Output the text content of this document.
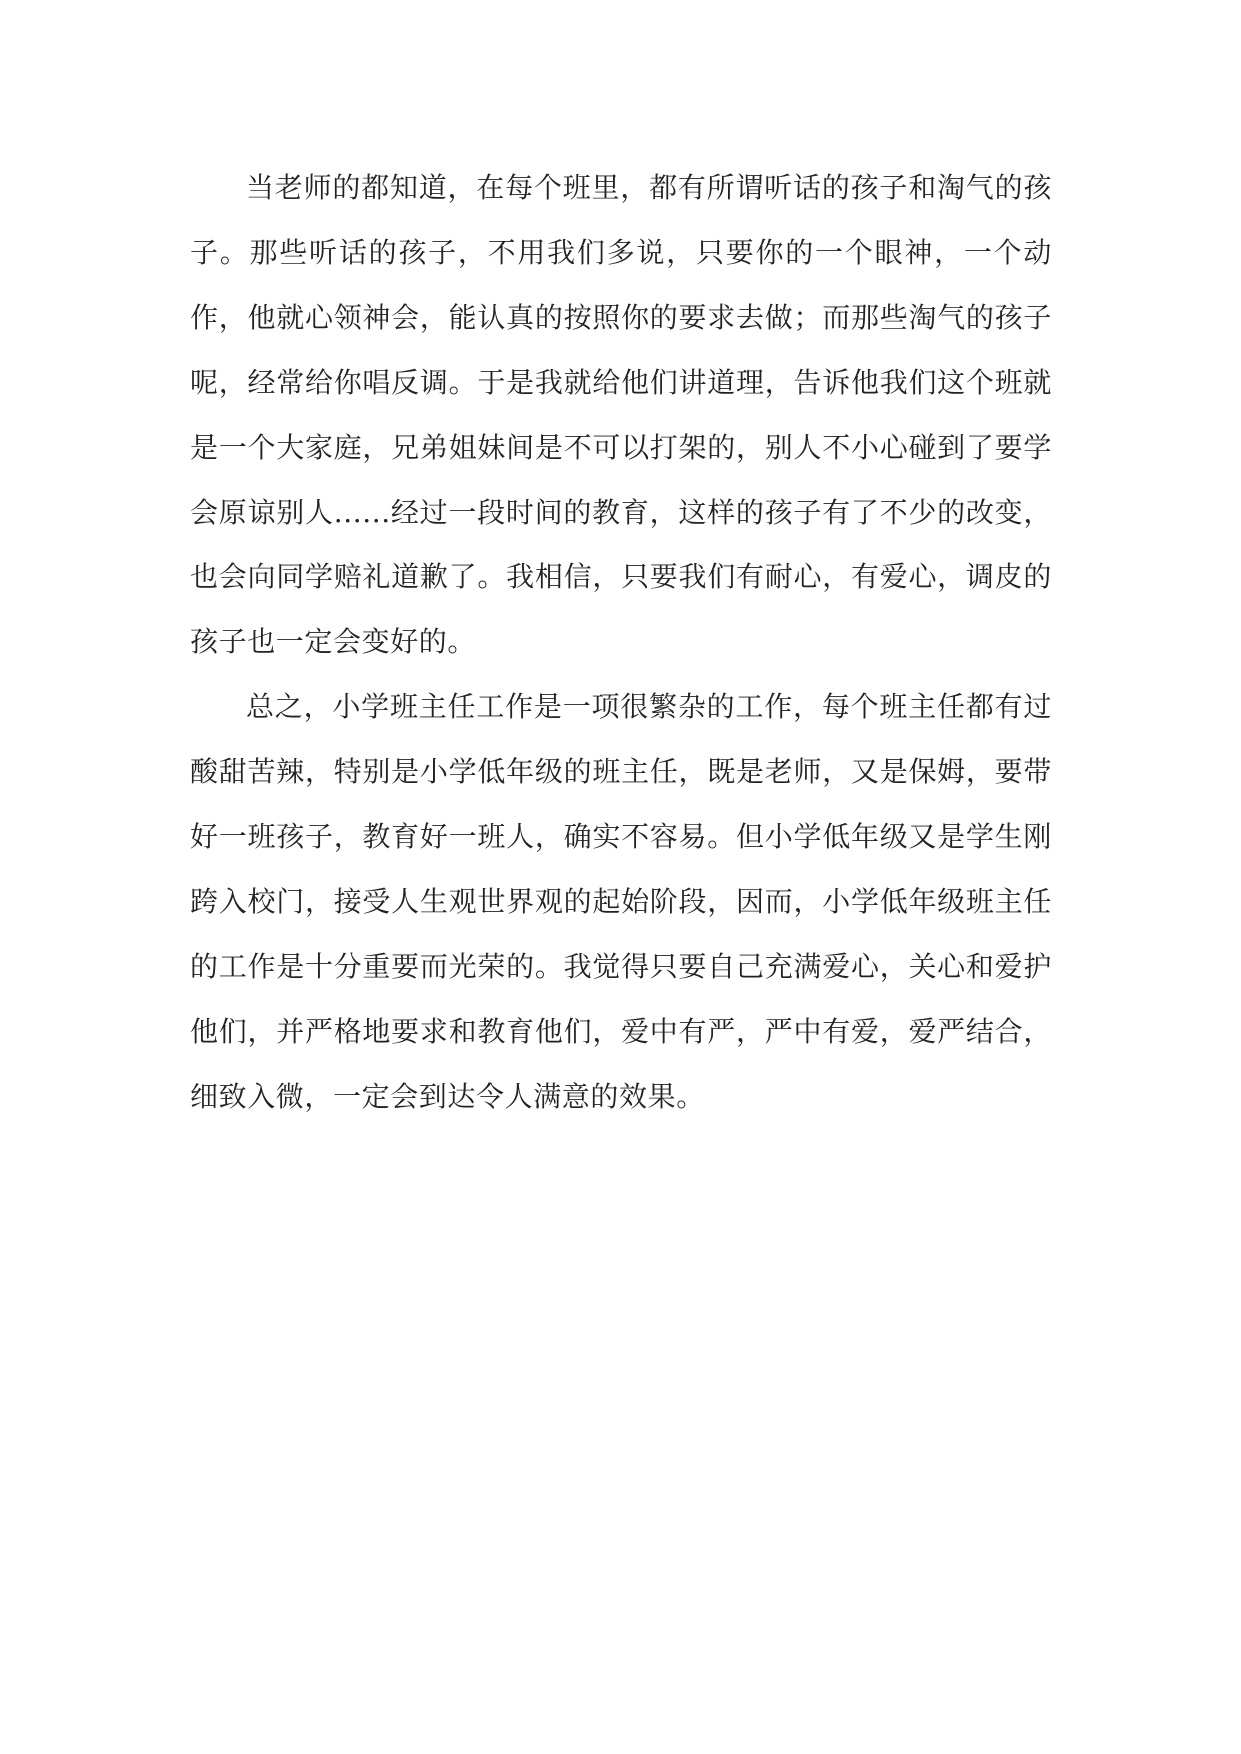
当老师的都知道，在每个班里，都有所谓听话的孩子和淘气的孩子。那些听话的孩子，不用我们多说，只要你的一个眼神，一个动作，他就心领神会，能认真的按照你的要求去做；而那些淘气的孩子呢，经常给你唱反调。于是我就给他们讲道理，告诉他我们这个班就是一个大家庭，兄弟姐妹间是不可以打架的，别人不小心碰到了要学会原谅别人......经过一段时间的教育，这样的孩子有了不少的改变，也会向同学赔礼道歉了。我相信，只要我们有耐心，有爱心，调皮的孩子也一定会变好的。

总之，小学班主任工作是一项很繁杂的工作，每个班主任都有过酸甜苦辣，特别是小学低年级的班主任，既是老师，又是保姆，要带好一班孩子，教育好一班人，确实不容易。但小学低年级又是学生刚跨入校门，接受人生观世界观的起始阶段，因而，小学低年级班主任的工作是十分重要而光荣的。我觉得只要自己充满爱心，关心和爱护他们，并严格地要求和教育他们，爱中有严，严中有爱，爱严结合，细致入微，一定会到达令人满意的效果。
